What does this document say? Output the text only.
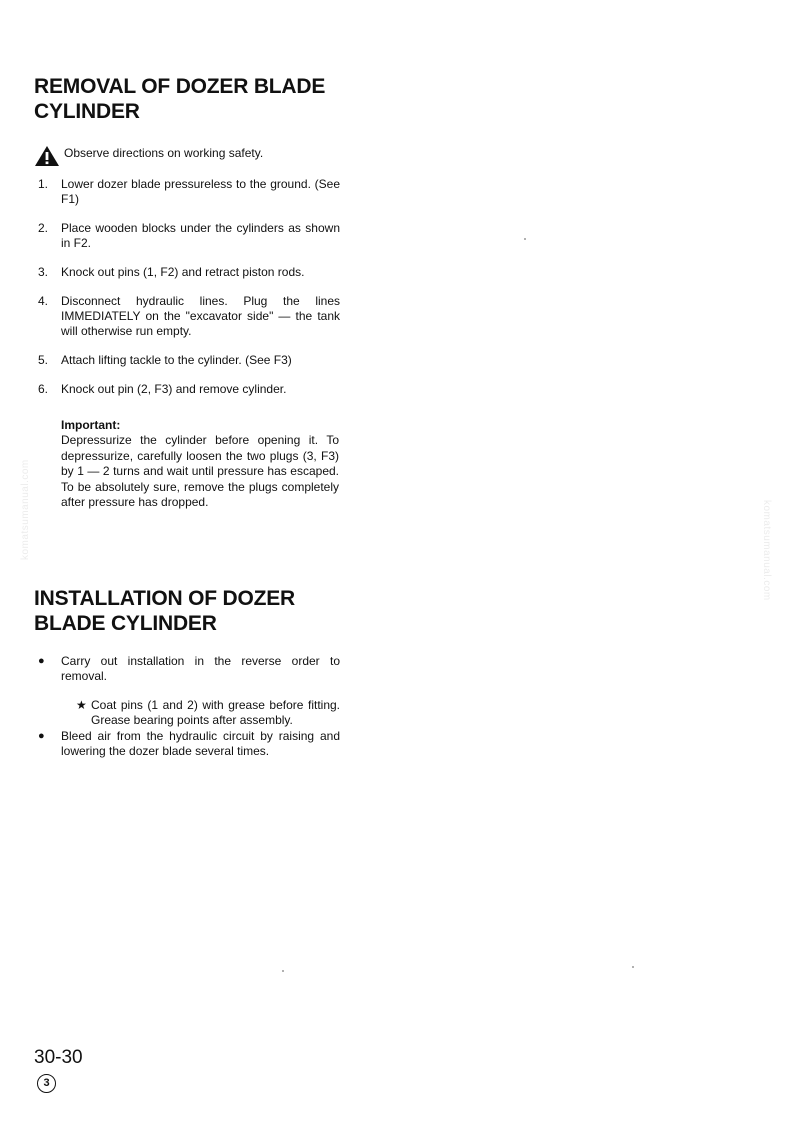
komatsumanual.com	komatsumanual.com
REMOVAL OF DOZER BLADE
CYLINDER
Observe directions on working safety.
1.	Lower dozer blade pressureless to the ground. (See F1)
2.	Place wooden blocks under the cylinders as shown in F2.
3.	Knock out pins (1, F2) and retract piston rods.
4.	Disconnect hydraulic lines. Plug the lines IMMEDIATELY on the "excavator side" — the tank will otherwise run empty.
5.	Attach lifting tackle to the cylinder. (See F3)
6.	Knock out pin (2, F3) and remove cylinder.
Important:
Depressurize the cylinder before opening it. To depressurize, carefully loosen the two plugs (3, F3) by 1 — 2 turns and wait until pressure has escaped. To be absolutely sure, remove the plugs completely after pressure has dropped.
INSTALLATION OF DOZER
BLADE CYLINDER
●	Carry out installation in the reverse order to removal.
★ Coat pins (1 and 2) with grease before fitting. Grease bearing points after assembly.
●	Bleed air from the hydraulic circuit by raising and lowering the dozer blade several times.
30-30
3
